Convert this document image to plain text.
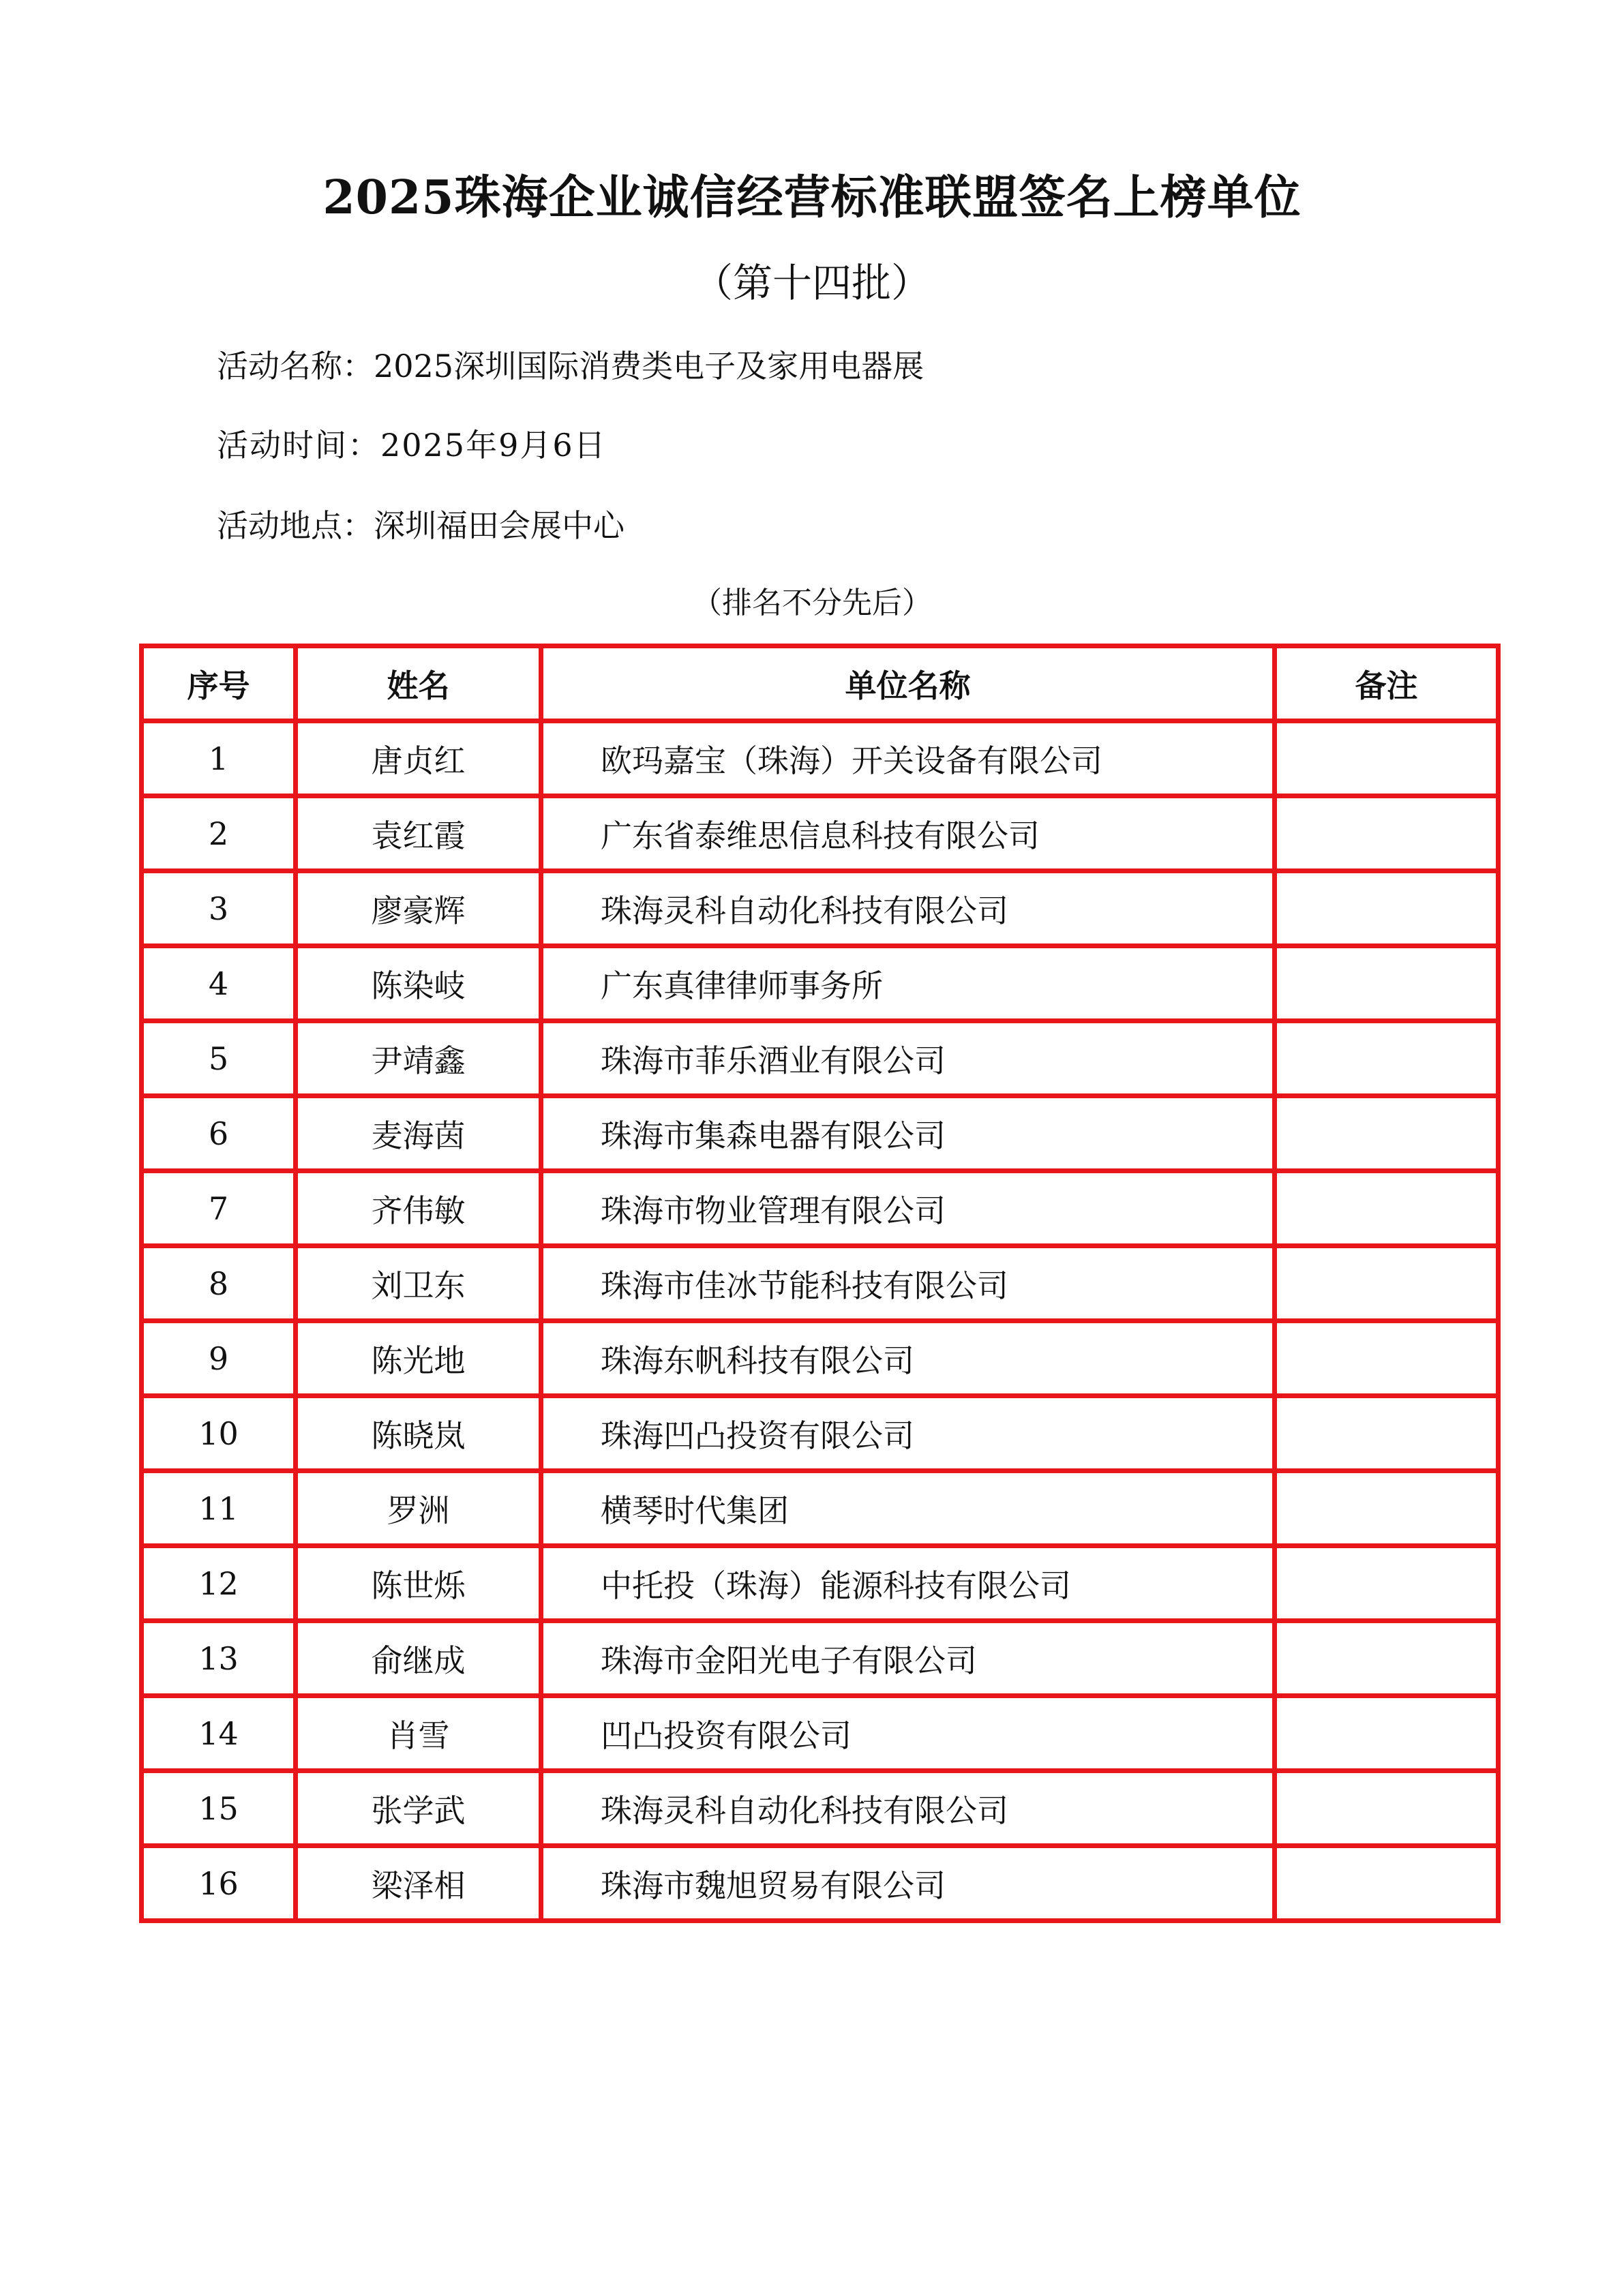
2025珠海企业诚信经营标准联盟签名上榜单位
（第十四批）
活动名称：2025深圳国际消费类电子及家用电器展
活动时间：2025年9月6日
活动地点：深圳福田会展中心
（排名不分先后）
序号	姓名	单位名称	备注
1	唐贞红	欧玛嘉宝（珠海）开关设备有限公司	
2	袁红霞	广东省泰维思信息科技有限公司	
3	廖豪辉	珠海灵科自动化科技有限公司	
4	陈染岐	广东真律律师事务所	
5	尹靖鑫	珠海市菲乐酒业有限公司	
6	麦海茵	珠海市集森电器有限公司	
7	齐伟敏	珠海市物业管理有限公司	
8	刘卫东	珠海市佳冰节能科技有限公司	
9	陈光地	珠海东帆科技有限公司	
10	陈晓岚	珠海凹凸投资有限公司	
11	罗洲	横琴时代集团	
12	陈世烁	中托投（珠海）能源科技有限公司	
13	俞继成	珠海市金阳光电子有限公司	
14	肖雪	凹凸投资有限公司	
15	张学武	珠海灵科自动化科技有限公司	
16	梁泽相	珠海市魏旭贸易有限公司	
